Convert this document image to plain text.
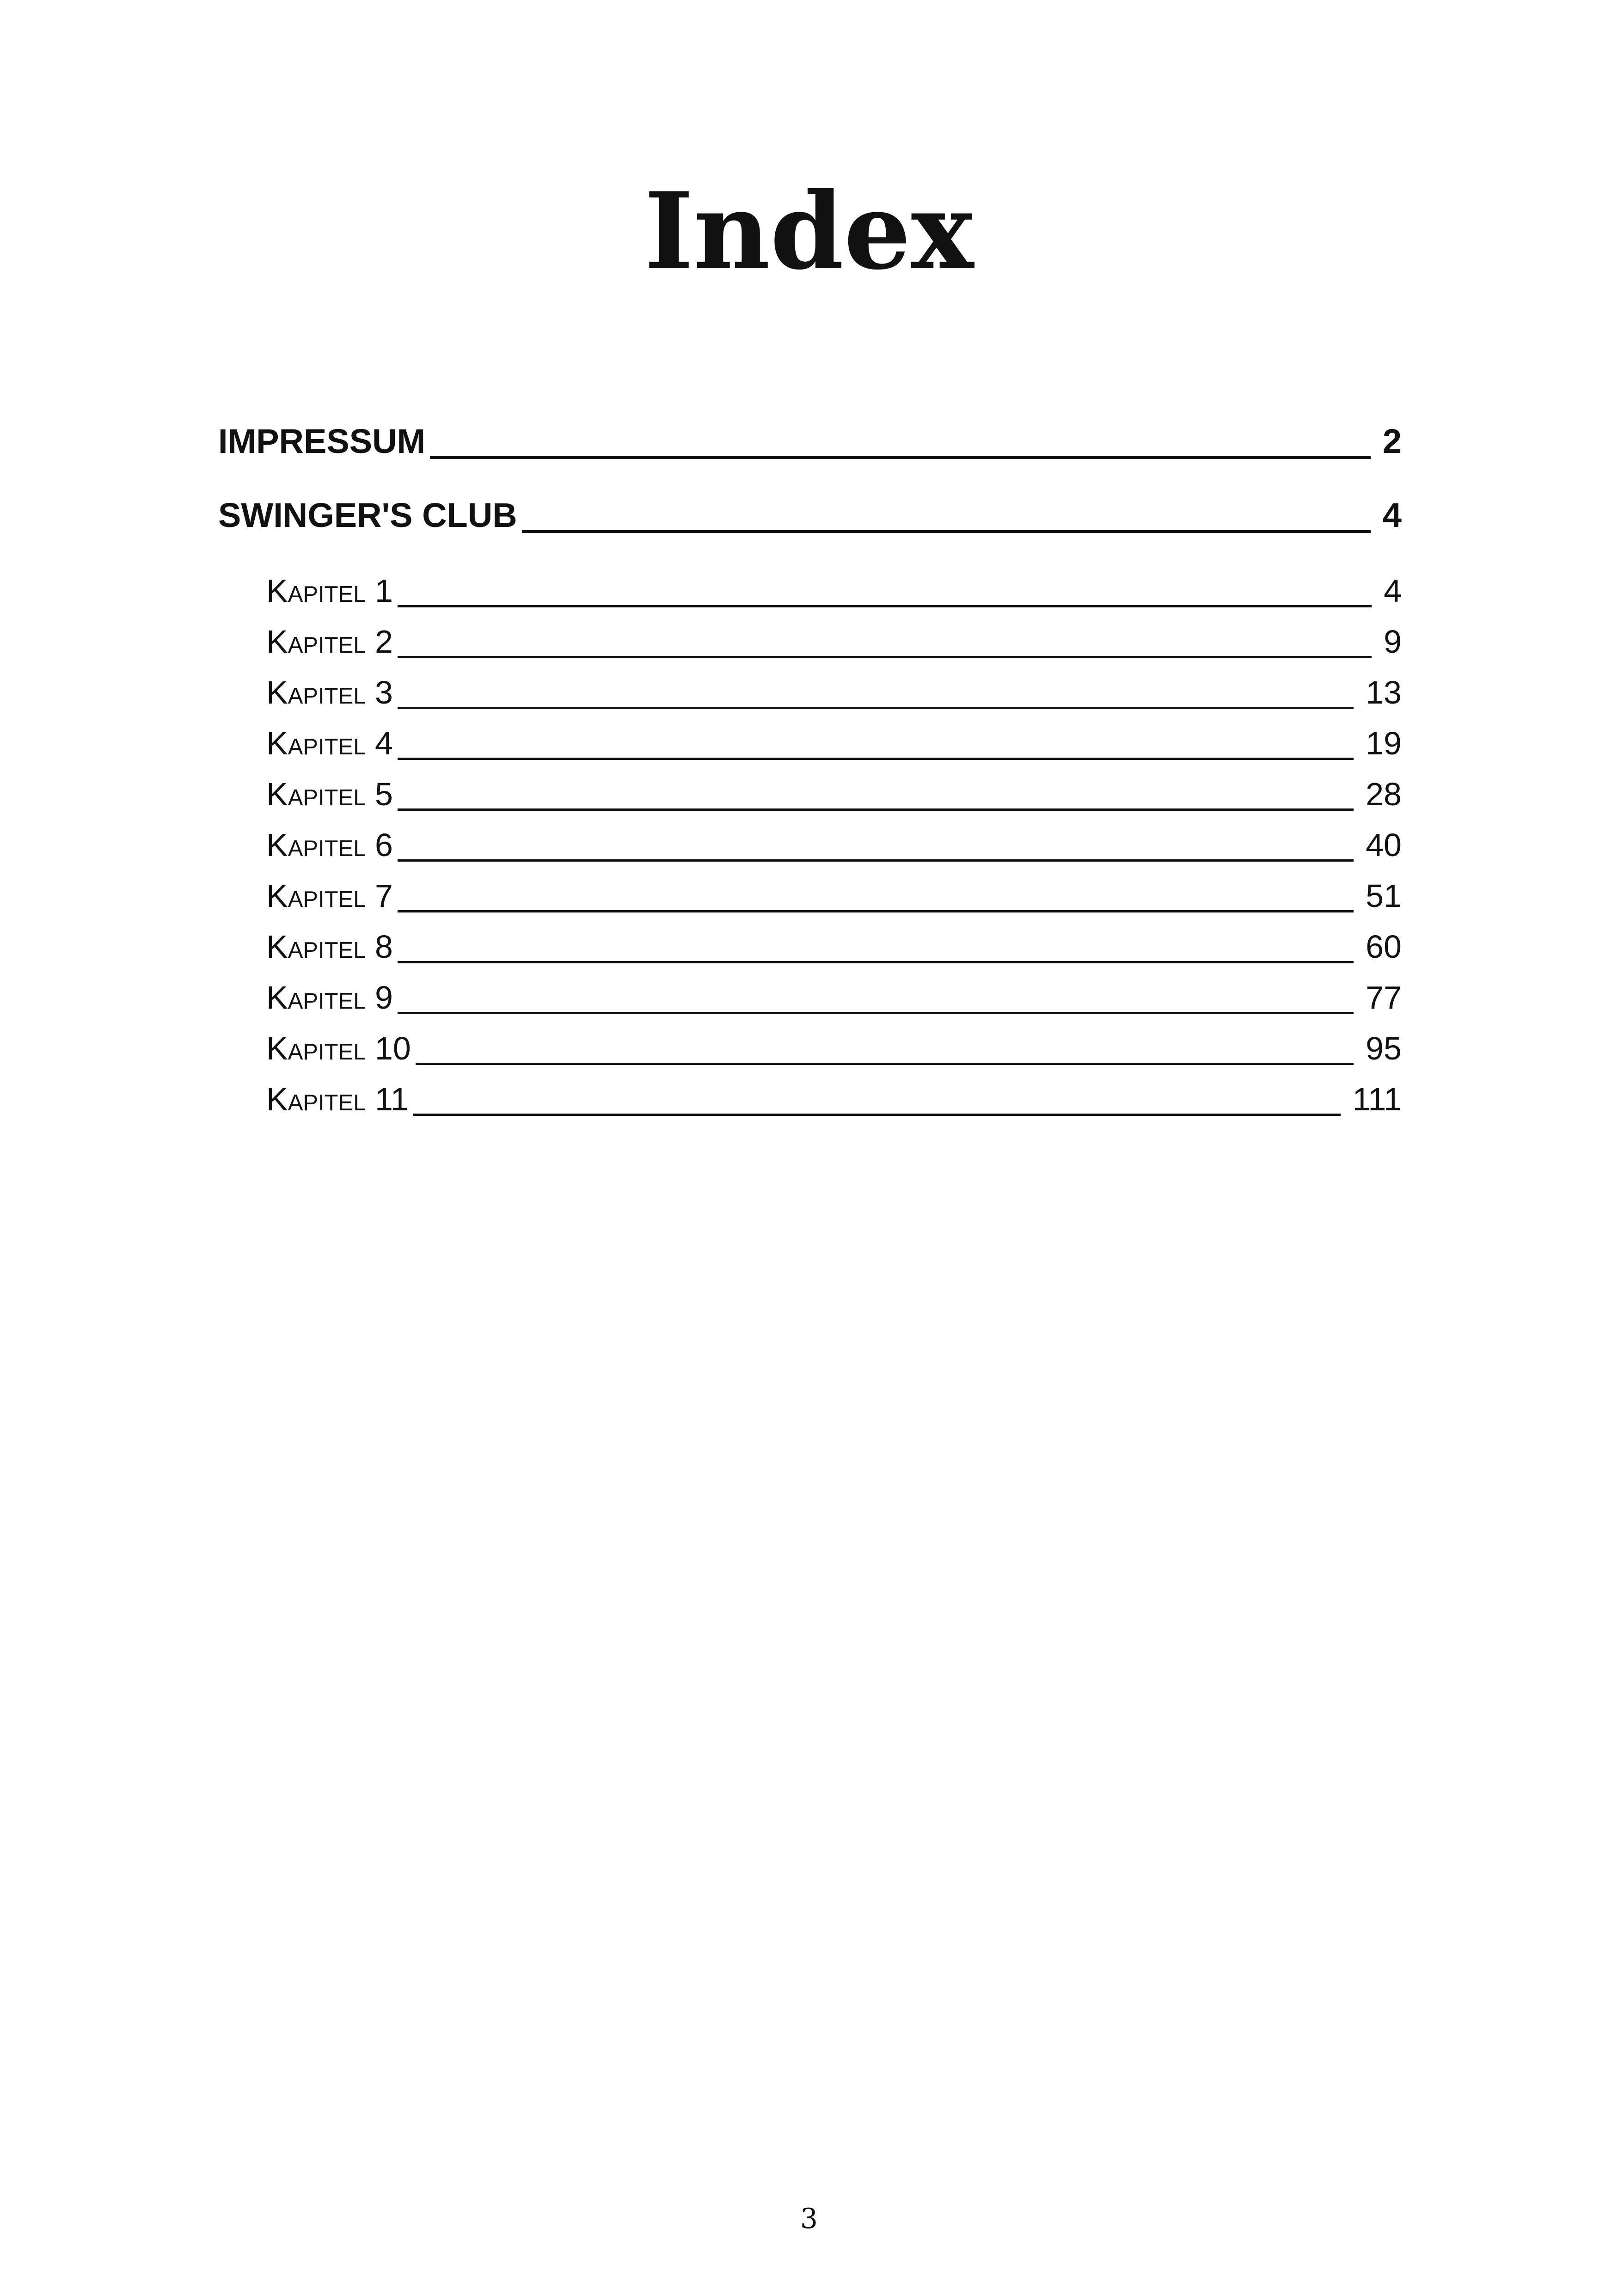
Index
IMPRESSUM	2
SWINGER'S CLUB	4
Kapitel 1	4
Kapitel 2	9
Kapitel 3	13
Kapitel 4	19
Kapitel 5	28
Kapitel 6	40
Kapitel 7	51
Kapitel 8	60
Kapitel 9	77
Kapitel 10	95
Kapitel 11	111
3
